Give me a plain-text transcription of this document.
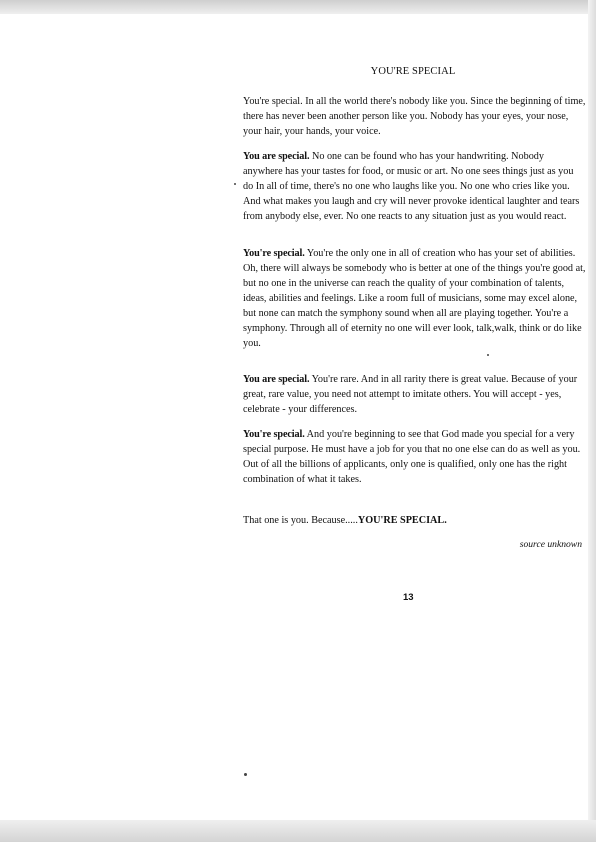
YOU'RE SPECIAL

You're special. In all the world there's nobody like you. Since the beginning of time, there has never been another person like you. Nobody has your eyes, your nose, your hair, your hands, your voice.

You are special. No one can be found who has your handwriting. Nobody anywhere has your tastes for food, or music or art. No one sees things just as you do In all of time, there's no one who laughs like you. No one who cries like you. And what makes you laugh and cry will never provoke identical laughter and tears from anybody else, ever. No one reacts to any situation just as you would react.

You're special. You're the only one in all of creation who has your set of abilities. Oh, there will always be somebody who is better at one of the things you're good at, but no one in the universe can reach the quality of your combination of talents, ideas, abilities and feelings. Like a room full of musicians, some may excel alone, but none can match the symphony sound when all are playing together. You're a symphony. Through all of eternity no one will ever look, talk,walk, think or do like you.

You are special. You're rare. And in all rarity there is great value. Because of your great, rare value, you need not attempt to imitate others. You will accept - yes, celebrate - your differences.

You're special. And you're beginning to see that God made you special for a very special purpose. He must have a job for you that no one else can do as well as you. Out of all the billions of applicants, only one is qualified, only one has the right combination of what it takes.

That one is you. Because.....YOU'RE SPECIAL.

source unknown

13
